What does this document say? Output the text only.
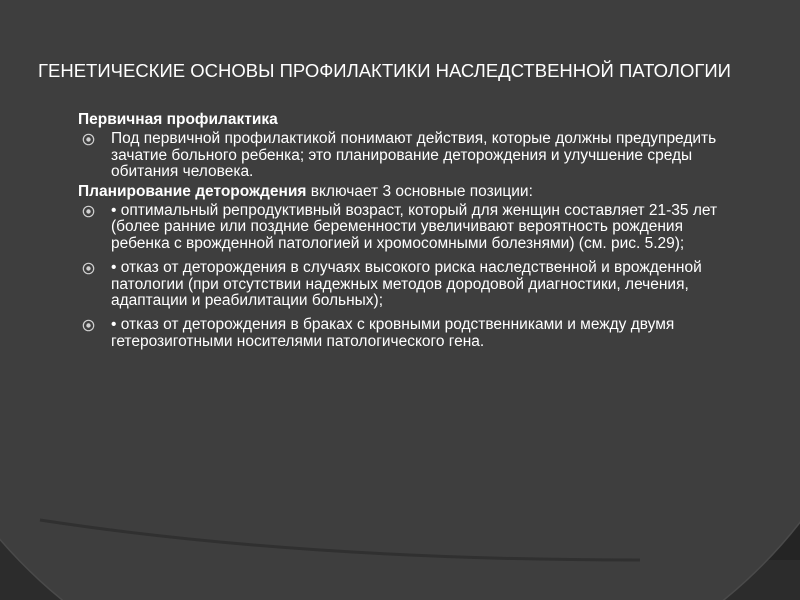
ГЕНЕТИЧЕСКИЕ ОСНОВЫ ПРОФИЛАКТИКИ НАСЛЕДСТВЕННОЙ ПАТОЛОГИИ
Первичная профилактика
Под первичной профилактикой понимают действия, которые должны предупредить зачатие больного ребенка; это планирование деторождения и улучшение среды обитания человека.
Планирование деторождения включает 3 основные позиции:
• оптимальный репродуктивный возраст, который для женщин составляет 21-35 лет (более ранние или поздние беременности увеличивают вероятность рождения ребенка с врожденной патологией и хромосомными болезнями) (см. рис. 5.29);
• отказ от деторождения в случаях высокого риска наследственной и врожденной патологии (при отсутствии надежных методов дородовой диагностики, лечения, адаптации и реабилитации больных);
• отказ от деторождения в браках с кровными родственниками и между двумя гетерозиготными носителями патологического гена.
